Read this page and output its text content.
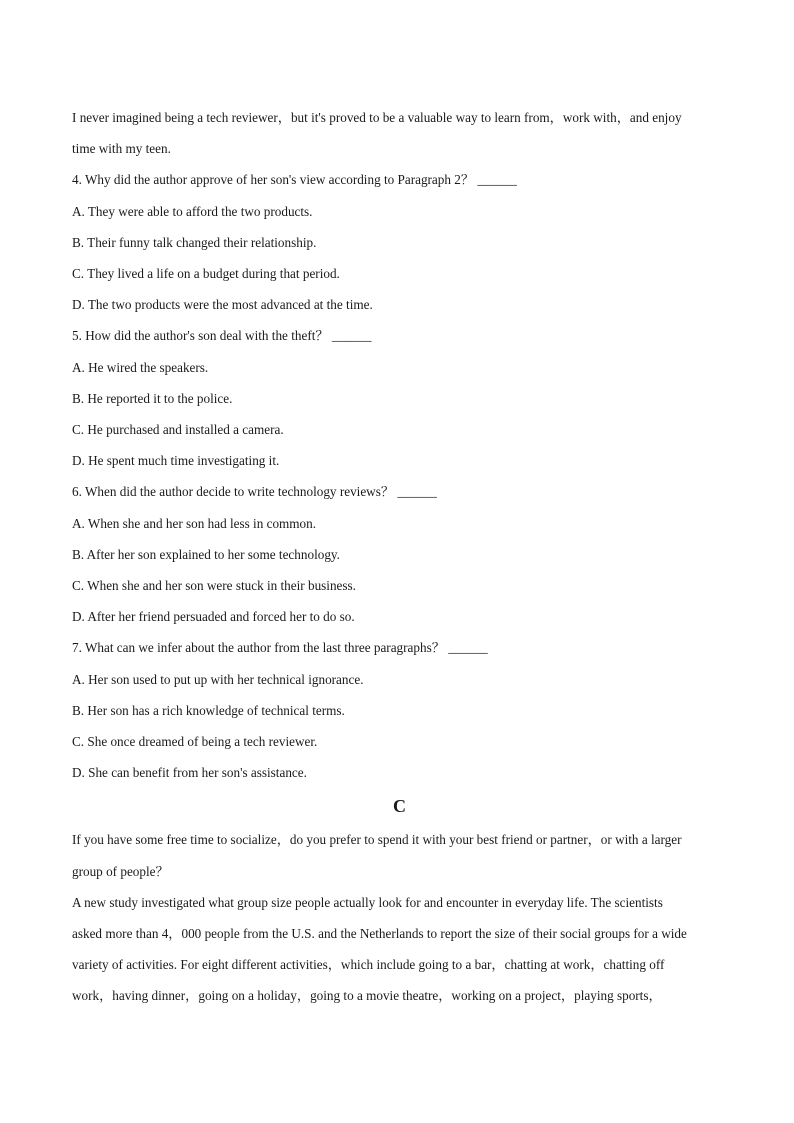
I never imagined being a tech reviewer，but it's proved to be a valuable way to learn from，work with，and enjoy
time with my teen.
4. Why did the author approve of her son's view according to Paragraph 2？ ______
A. They were able to afford the two products.
B. Their funny talk changed their relationship.
C. They lived a life on a budget during that period.
D. The two products were the most advanced at the time.
5. How did the author's son deal with the theft？ ______
A. He wired the speakers.
B. He reported it to the police.
C. He purchased and installed a camera.
D. He spent much time investigating it.
6. When did the author decide to write technology reviews？ ______
A. When she and her son had less in common.
B. After her son explained to her some technology.
C. When she and her son were stuck in their business.
D. After her friend persuaded and forced her to do so.
7. What can we infer about the author from the last three paragraphs？ ______
A. Her son used to put up with her technical ignorance.
B. Her son has a rich knowledge of technical terms.
C. She once dreamed of being a tech reviewer.
D. She can benefit from her son's assistance.
C
If you have some free time to socialize，do you prefer to spend it with your best friend or partner，or with a larger
group of people？
A new study investigated what group size people actually look for and encounter in everyday life. The scientists
asked more than 4，000 people from the U.S. and the Netherlands to report the size of their social groups for a wide
variety of activities. For eight different activities，which include going to a bar，chatting at work，chatting off
work，having dinner，going on a holiday，going to a movie theatre，working on a project，playing sports，
